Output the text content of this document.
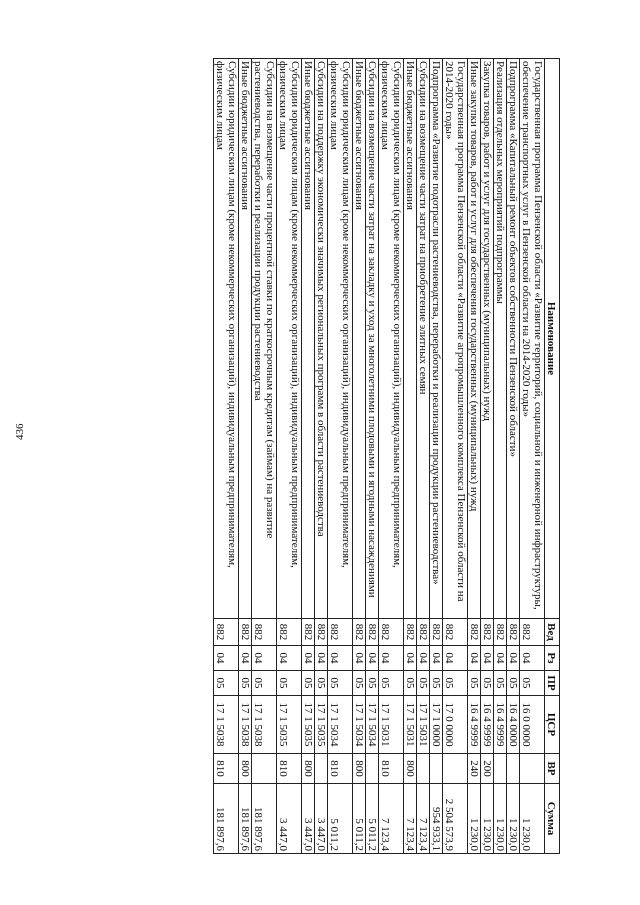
436
Наименование	Вед	Рз	ПР	ЦСР	ВР	Сумма
Государственная программа Пензенской области «Развитие территорий, социальной и инженерной инфраструктуры, обеспечение транспортных услуг в Пензенской области на 2014-2020 годы»	882	04	05	16 0 0000		1 230,0
Подпрограмма «Капитальный ремонт объектов собственности Пензенской области»	882	04	05	16 4 0000		1 230,0
Реализация отдельных мероприятий подпрограммы	882	04	05	16 4 9999		1 230,0
Закупка товаров, работ и услуг для государственных (муниципальных) нужд	882	04	05	16 4 9999	200	1 230,0
Иные закупки товаров, работ и услуг для обеспечения государственных (муниципальных) нужд	882	04	05	16 4 9999	240	1 230,0
Государственная программа Пензенской области «Развитие агропромышленного комплекса Пензенской области на 2014-2020 годы»	882	04	05	17 0 0000		2 504 573,9
Подпрограмма «Развитие подотрасли растениеводства, переработки и реализации продукции растениеводства»	882	04	05	17 1 0000		954 933,1
Субсидии на возмещение части затрат на приобретение элитных семян	882	04	05	17 1 5031		7 123,4
Иные бюджетные ассигнования	882	04	05	17 1 5031	800	7 123,4
Субсидии юридическим лицам (кроме некоммерческих организаций), индивидуальным предпринимателям, физическим лицам	882	04	05	17 1 5031	810	7 123,4
Субсидии на возмещение части затрат на закладку и уход за многолетними плодовыми и ягодными насаждениями	882	04	05	17 1 5034		5 011,2
Иные бюджетные ассигнования	882	04	05	17 1 5034	800	5 011,2
Субсидии юридическим лицам (кроме некоммерческих организаций), индивидуальным предпринимателям, физическим лицам	882	04	05	17 1 5034	810	5 011,2
Субсидии на поддержку экономически значимых региональных программ в области растениеводства	882	04	05	17 1 5035		3 447,0
Иные бюджетные ассигнования	882	04	05	17 1 5035	800	3 447,0
Субсидии юридическим лицам (кроме некоммерческих организаций), индивидуальным предпринимателям, физическим лицам	882	04	05	17 1 5035	810	3 447,0
Субсидии на возмещение части процентной ставки по краткосрочным кредитам (займам) на развитие растениеводства, переработки и реализации продукции растениеводства	882	04	05	17 1 5038		181 897,6
Иные бюджетные ассигнования	882	04	05	17 1 5038	800	181 897,6
Субсидии юридическим лицам (кроме некоммерческих организаций), индивидуальным предпринимателям, физическим лицам	882	04	05	17 1 5038	810	181 897,6
